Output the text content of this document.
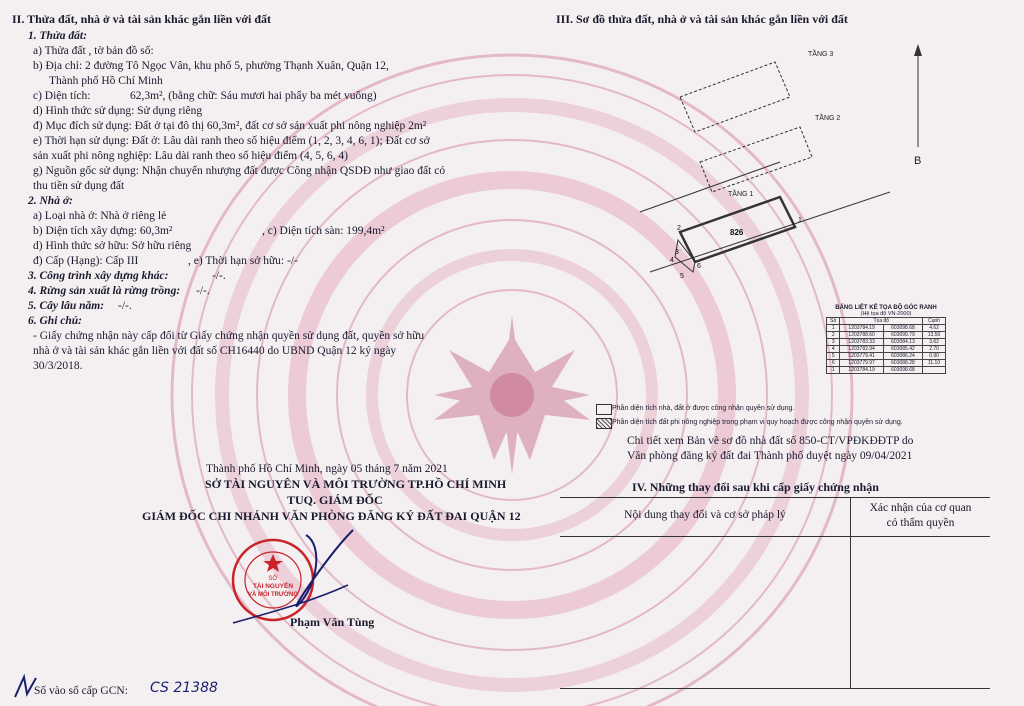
II. Thửa đất, nhà ở và tài sản khác gắn liền với đất
1. Thửa đất:
a) Thửa đất , tờ bản đồ số:
b) Địa chỉ: 2 đường Tô Ngọc Vân, khu phố 5, phường Thạnh Xuân, Quận 12,
Thành phố Hồ Chí Minh
c) Diện tích:	62,3m², (bằng chữ: Sáu mươi hai phẩy ba mét vuông)
d) Hình thức sử dụng: Sử dụng riêng
đ) Mục đích sử dụng: Đất ở tại đô thị 60,3m², đất cơ sở sản xuất phi nông nghiệp 2m²
e) Thời hạn sử dụng: Đất ở: Lâu dài ranh theo số hiệu điểm (1, 2, 3, 4, 6, 1); Đất cơ sở
sản xuất phi nông nghiệp: Lâu dài ranh theo số hiệu điểm (4, 5, 6, 4)
g) Nguồn gốc sử dụng: Nhận chuyển nhượng đất được Công nhận QSDĐ như giao đất có
thu tiền sử dụng đất
2. Nhà ở:
a) Loại nhà ở: Nhà ở riêng lẻ
b) Diện tích xây dựng: 60,3m²	, c) Diện tích sàn: 199,4m²
d) Hình thức sở hữu: Sở hữu riêng
đ) Cấp (Hạng): Cấp III	, e) Thời hạn sở hữu: -/-
3. Công trình xây dựng khác:	-/-.
4. Rừng sản xuất là rừng trồng: -/-.
5. Cây lâu năm: -/-.
6. Ghi chú:
- Giấy chứng nhận này cấp đổi từ Giấy chứng nhận quyền sử dụng đất, quyền sở hữu
nhà ở và tài sản khác gắn liền với đất số CH16440 do UBND Quận 12 ký ngày
30/3/2018.
Thành phố Hồ Chí Minh, ngày 05 tháng 7 năm 2021
SỞ TÀI NGUYÊN VÀ MÔI TRƯỜNG TP.HỒ CHÍ MINH
TUQ. GIÁM ĐỐC
GIÁM ĐỐC CHI NHÁNH VĂN PHÒNG ĐĂNG KÝ ĐẤT ĐAI QUẬN 12
SỞ
TÀI NGUYÊN
VÀ MÔI TRƯỜNG
Phạm Văn Tùng
Số vào sổ cấp GCN: CS 21388
III. Sơ đồ thửa đất, nhà ở và tài sản khác gắn liền với đất
TẦNG 3
TẦNG 2
TẦNG 1
826
2
1
3
5
6
4
B
BẢNG LIỆT KÊ TỌA ĐỘ GÓC RANH
(Hệ tọa độ VN-2000)
Số	Tọa độ		Cạnh
1	1203784.19	603098.68	4.62
2	1203788.60	603099.79	13.50
3	1203783.33	603084.13	3.62
4	1203782.94	603085.42	2.70
5	1203779.41	603086.24	0.90
6	1203779.97	603088.28	11.10
1	1203784.19	603098.68	
Phần diện tích nhà, đất ở được công nhận quyền sử dụng.
Phần diện tích đất phi nông nghiệp trong phạm vi quy hoạch được công nhận quyền sử dụng.
Chi tiết xem Bản vẽ sơ đồ nhà đất số 850-CT/VPĐKĐĐTP do
Văn phòng đăng ký đất đai Thành phố duyệt ngày 09/04/2021
IV. Những thay đổi sau khi cấp giấy chứng nhận
Nội dung thay đổi và cơ sở pháp lý
Xác nhận của cơ quan
có thẩm quyền
